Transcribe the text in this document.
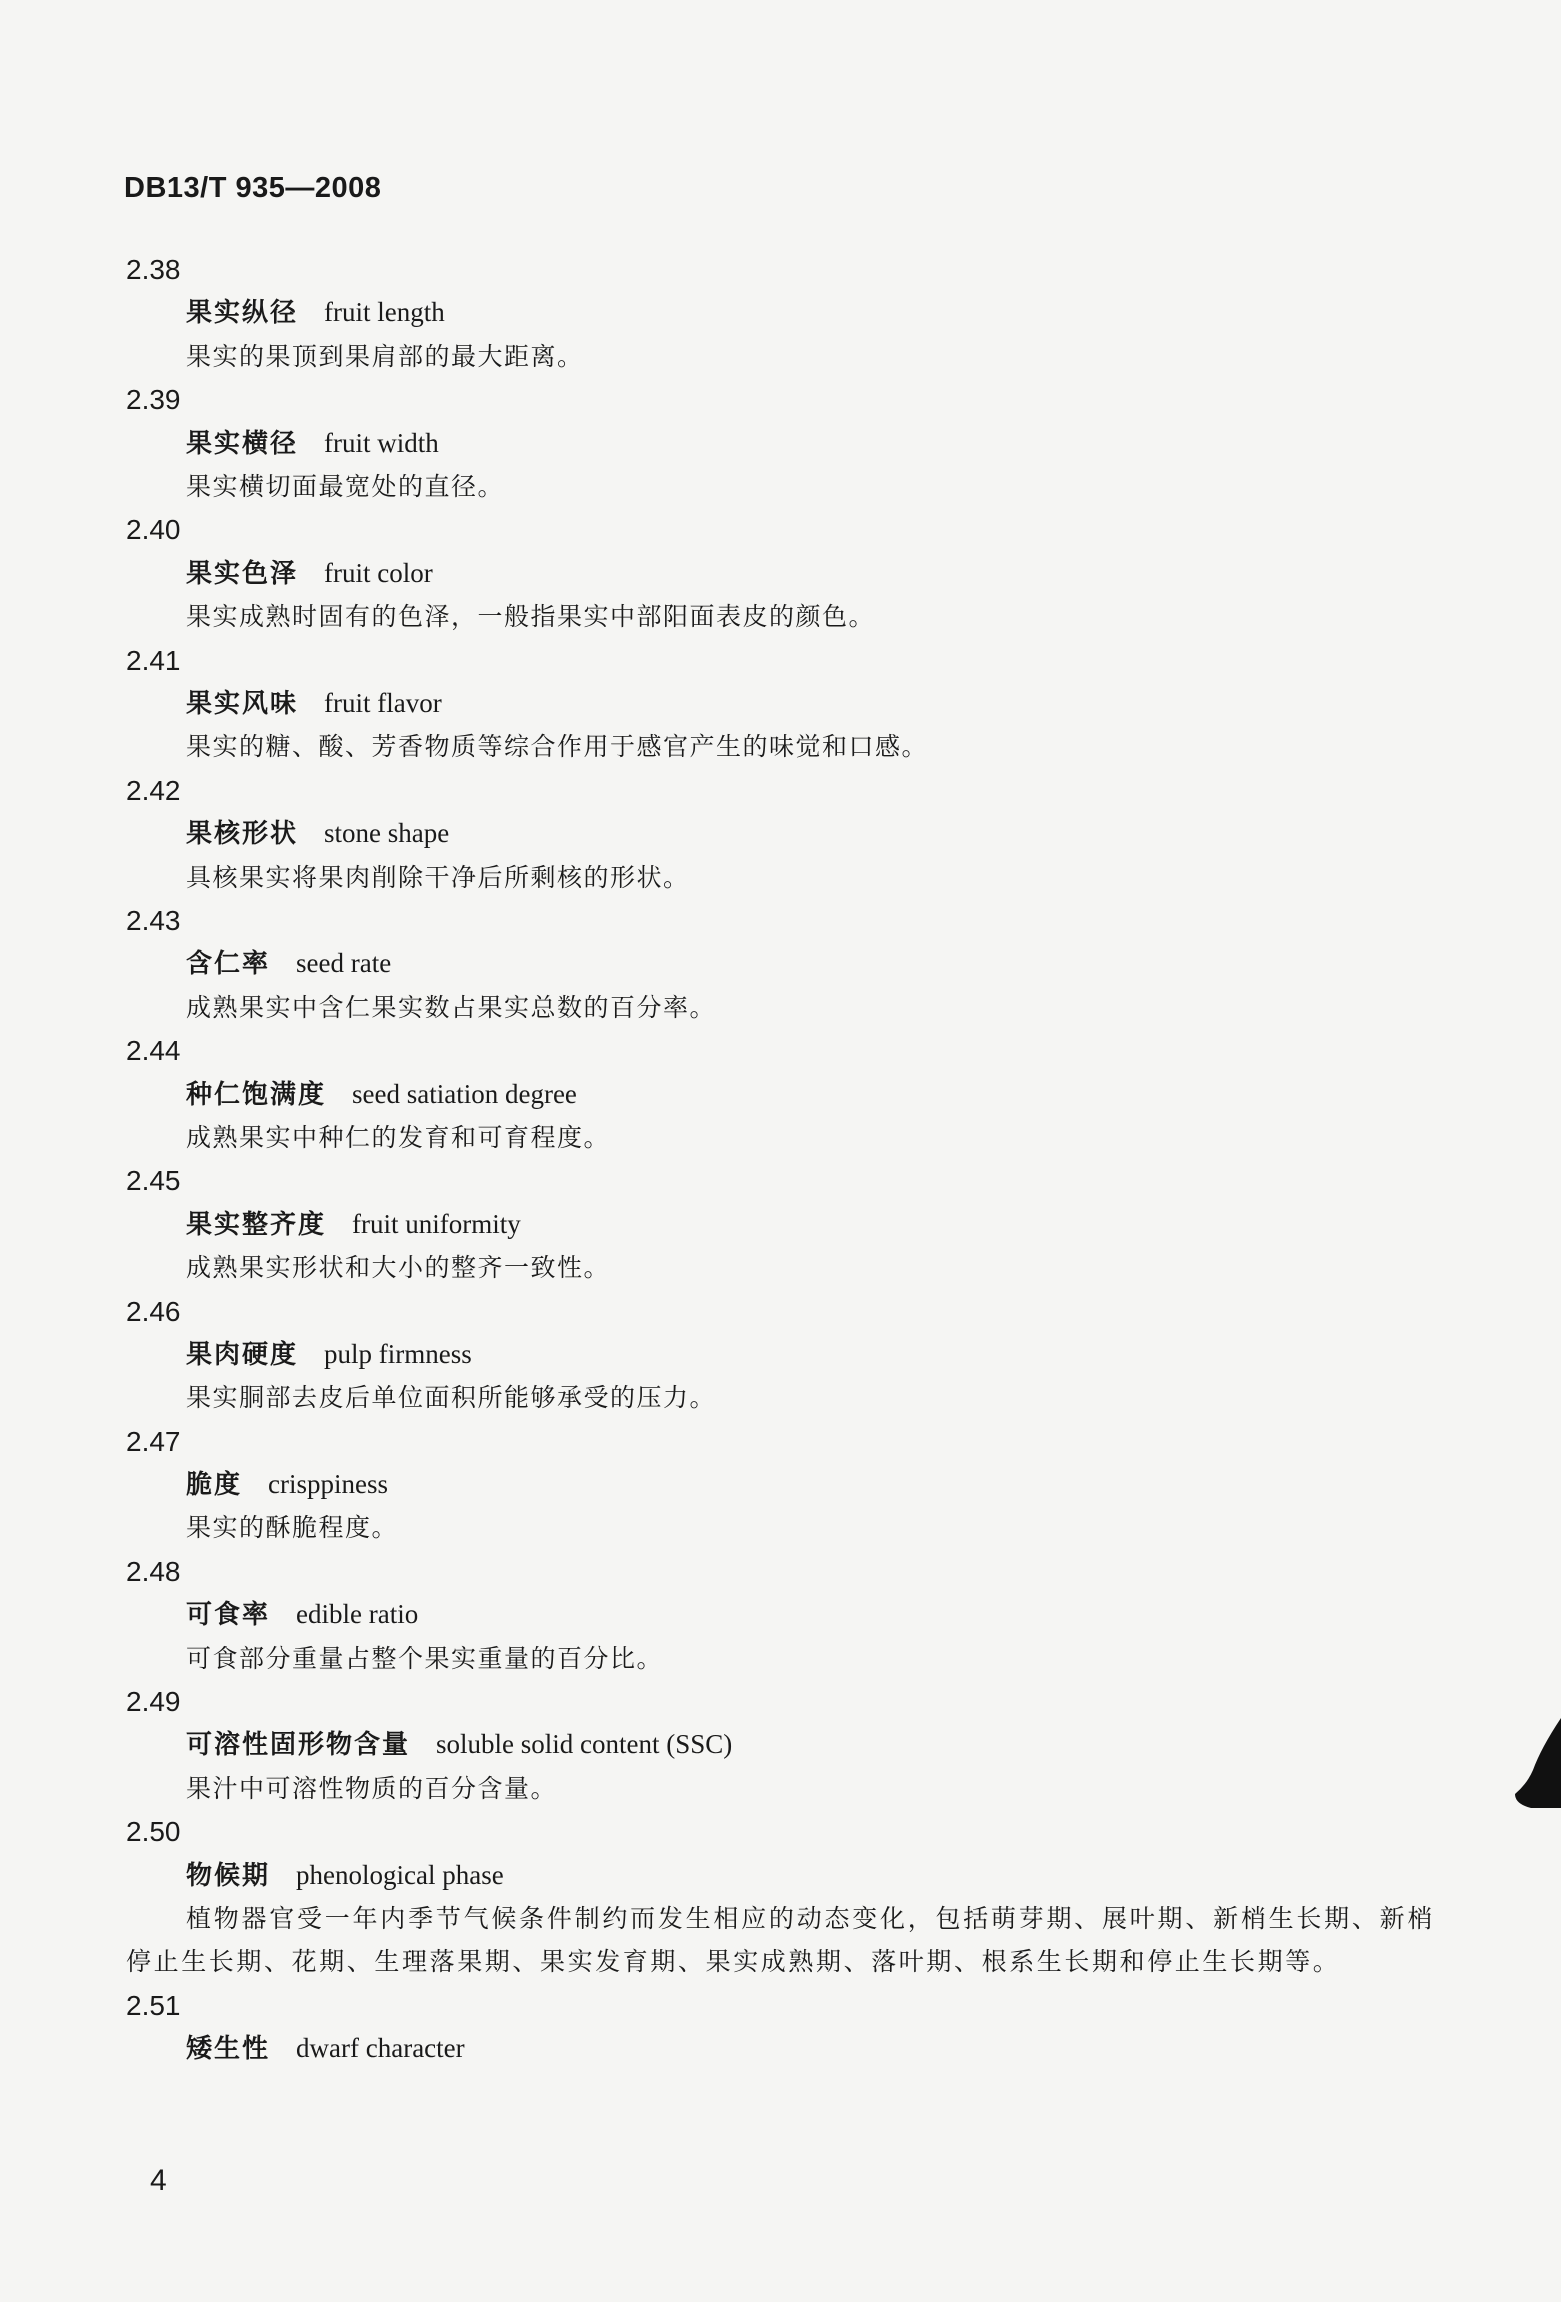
DB13/T 935—2008
2.38
果实纵径 fruit length
果实的果顶到果肩部的最大距离。
2.39
果实横径 fruit width
果实横切面最宽处的直径。
2.40
果实色泽 fruit color
果实成熟时固有的色泽，一般指果实中部阳面表皮的颜色。
2.41
果实风味 fruit flavor
果实的糖、酸、芳香物质等综合作用于感官产生的味觉和口感。
2.42
果核形状 stone shape
具核果实将果肉削除干净后所剩核的形状。
2.43
含仁率 seed rate
成熟果实中含仁果实数占果实总数的百分率。
2.44
种仁饱满度 seed satiation degree
成熟果实中种仁的发育和可育程度。
2.45
果实整齐度 fruit uniformity
成熟果实形状和大小的整齐一致性。
2.46
果肉硬度 pulp firmness
果实胴部去皮后单位面积所能够承受的压力。
2.47
脆度 crisppiness
果实的酥脆程度。
2.48
可食率 edible ratio
可食部分重量占整个果实重量的百分比。
2.49
可溶性固形物含量 soluble solid content (SSC)
果汁中可溶性物质的百分含量。
2.50
物候期 phenological phase
植物器官受一年内季节气候条件制约而发生相应的动态变化，包括萌芽期、展叶期、新梢生长期、新梢停止生长期、花期、生理落果期、果实发育期、果实成熟期、落叶期、根系生长期和停止生长期等。
2.51
矮生性 dwarf character
4
